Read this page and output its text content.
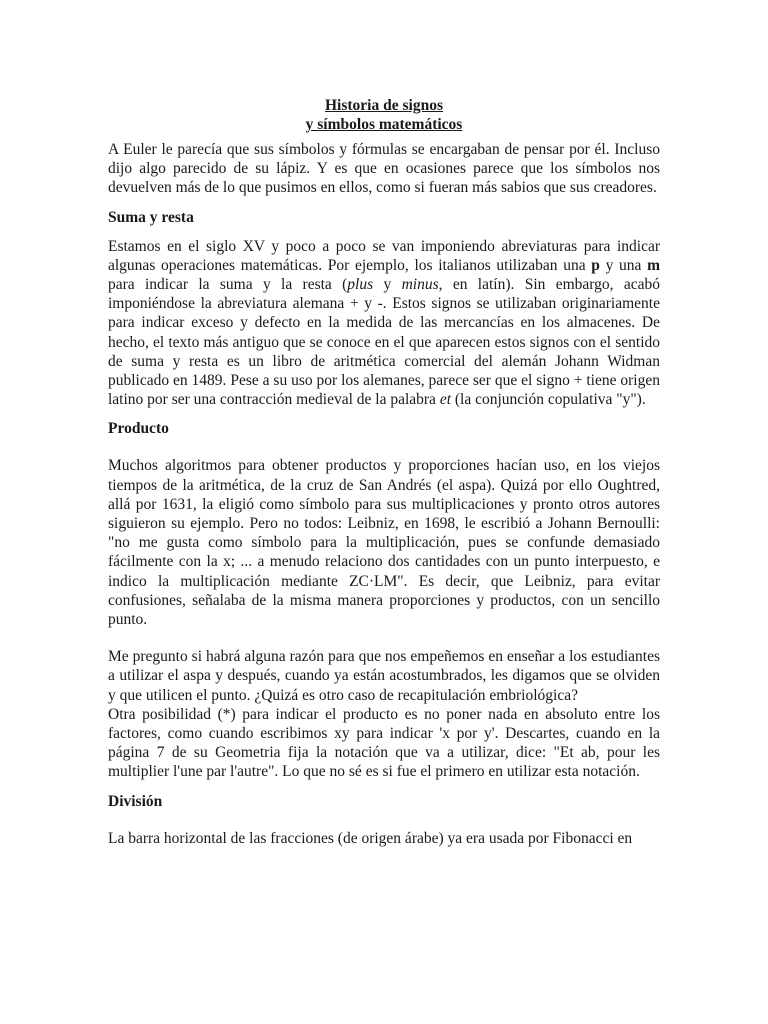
Historia de signos
y símbolos matemáticos

A Euler le parecía que sus símbolos y fórmulas se encargaban de pensar por él. Incluso dijo algo parecido de su lápiz. Y es que en ocasiones parece que los símbolos nos devuelven más de lo que pusimos en ellos, como si fueran más sabios que sus creadores.

Suma y resta

Estamos en el siglo XV y poco a poco se van imponiendo abreviaturas para indicar algunas operaciones matemáticas. Por ejemplo, los italianos utilizaban una p y una m para indicar la suma y la resta (plus y minus, en latín). Sin embargo, acabó imponiéndose la abreviatura alemana + y -. Estos signos se utilizaban originariamente para indicar exceso y defecto en la medida de las mercancías en los almacenes. De hecho, el texto más antiguo que se conoce en el que aparecen estos signos con el sentido de suma y resta es un libro de aritmética comercial del alemán Johann Widman publicado en 1489. Pese a su uso por los alemanes, parece ser que el signo + tiene origen latino por ser una contracción medieval de la palabra et (la conjunción copulativa "y").

Producto

Muchos algoritmos para obtener productos y proporciones hacían uso, en los viejos tiempos de la aritmética, de la cruz de San Andrés (el aspa). Quizá por ello Oughtred, allá por 1631, la eligió como símbolo para sus multiplicaciones y pronto otros autores siguieron su ejemplo. Pero no todos: Leibniz, en 1698, le escribió a Johann Bernoulli: "no me gusta como símbolo para la multiplicación, pues se confunde demasiado fácilmente con la x; ... a menudo relaciono dos cantidades con un punto interpuesto, e indico la multiplicación mediante ZC·LM". Es decir, que Leibniz, para evitar confusiones, señalaba de la misma manera proporciones y productos, con un sencillo punto.

Me pregunto si habrá alguna razón para que nos empeñemos en enseñar a los estudiantes a utilizar el aspa y después, cuando ya están acostumbrados, les digamos que se olviden y que utilicen el punto. ¿Quizá es otro caso de recapitulación embriológica?

Otra posibilidad (*) para indicar el producto es no poner nada en absoluto entre los factores, como cuando escribimos xy para indicar 'x por y'. Descartes, cuando en la página 7 de su Geometria fija la notación que va a utilizar, dice: "Et ab, pour les multiplier l'une par l'autre". Lo que no sé es si fue el primero en utilizar esta notación.

División

La barra horizontal de las fracciones (de origen árabe) ya era usada por Fibonacci en
